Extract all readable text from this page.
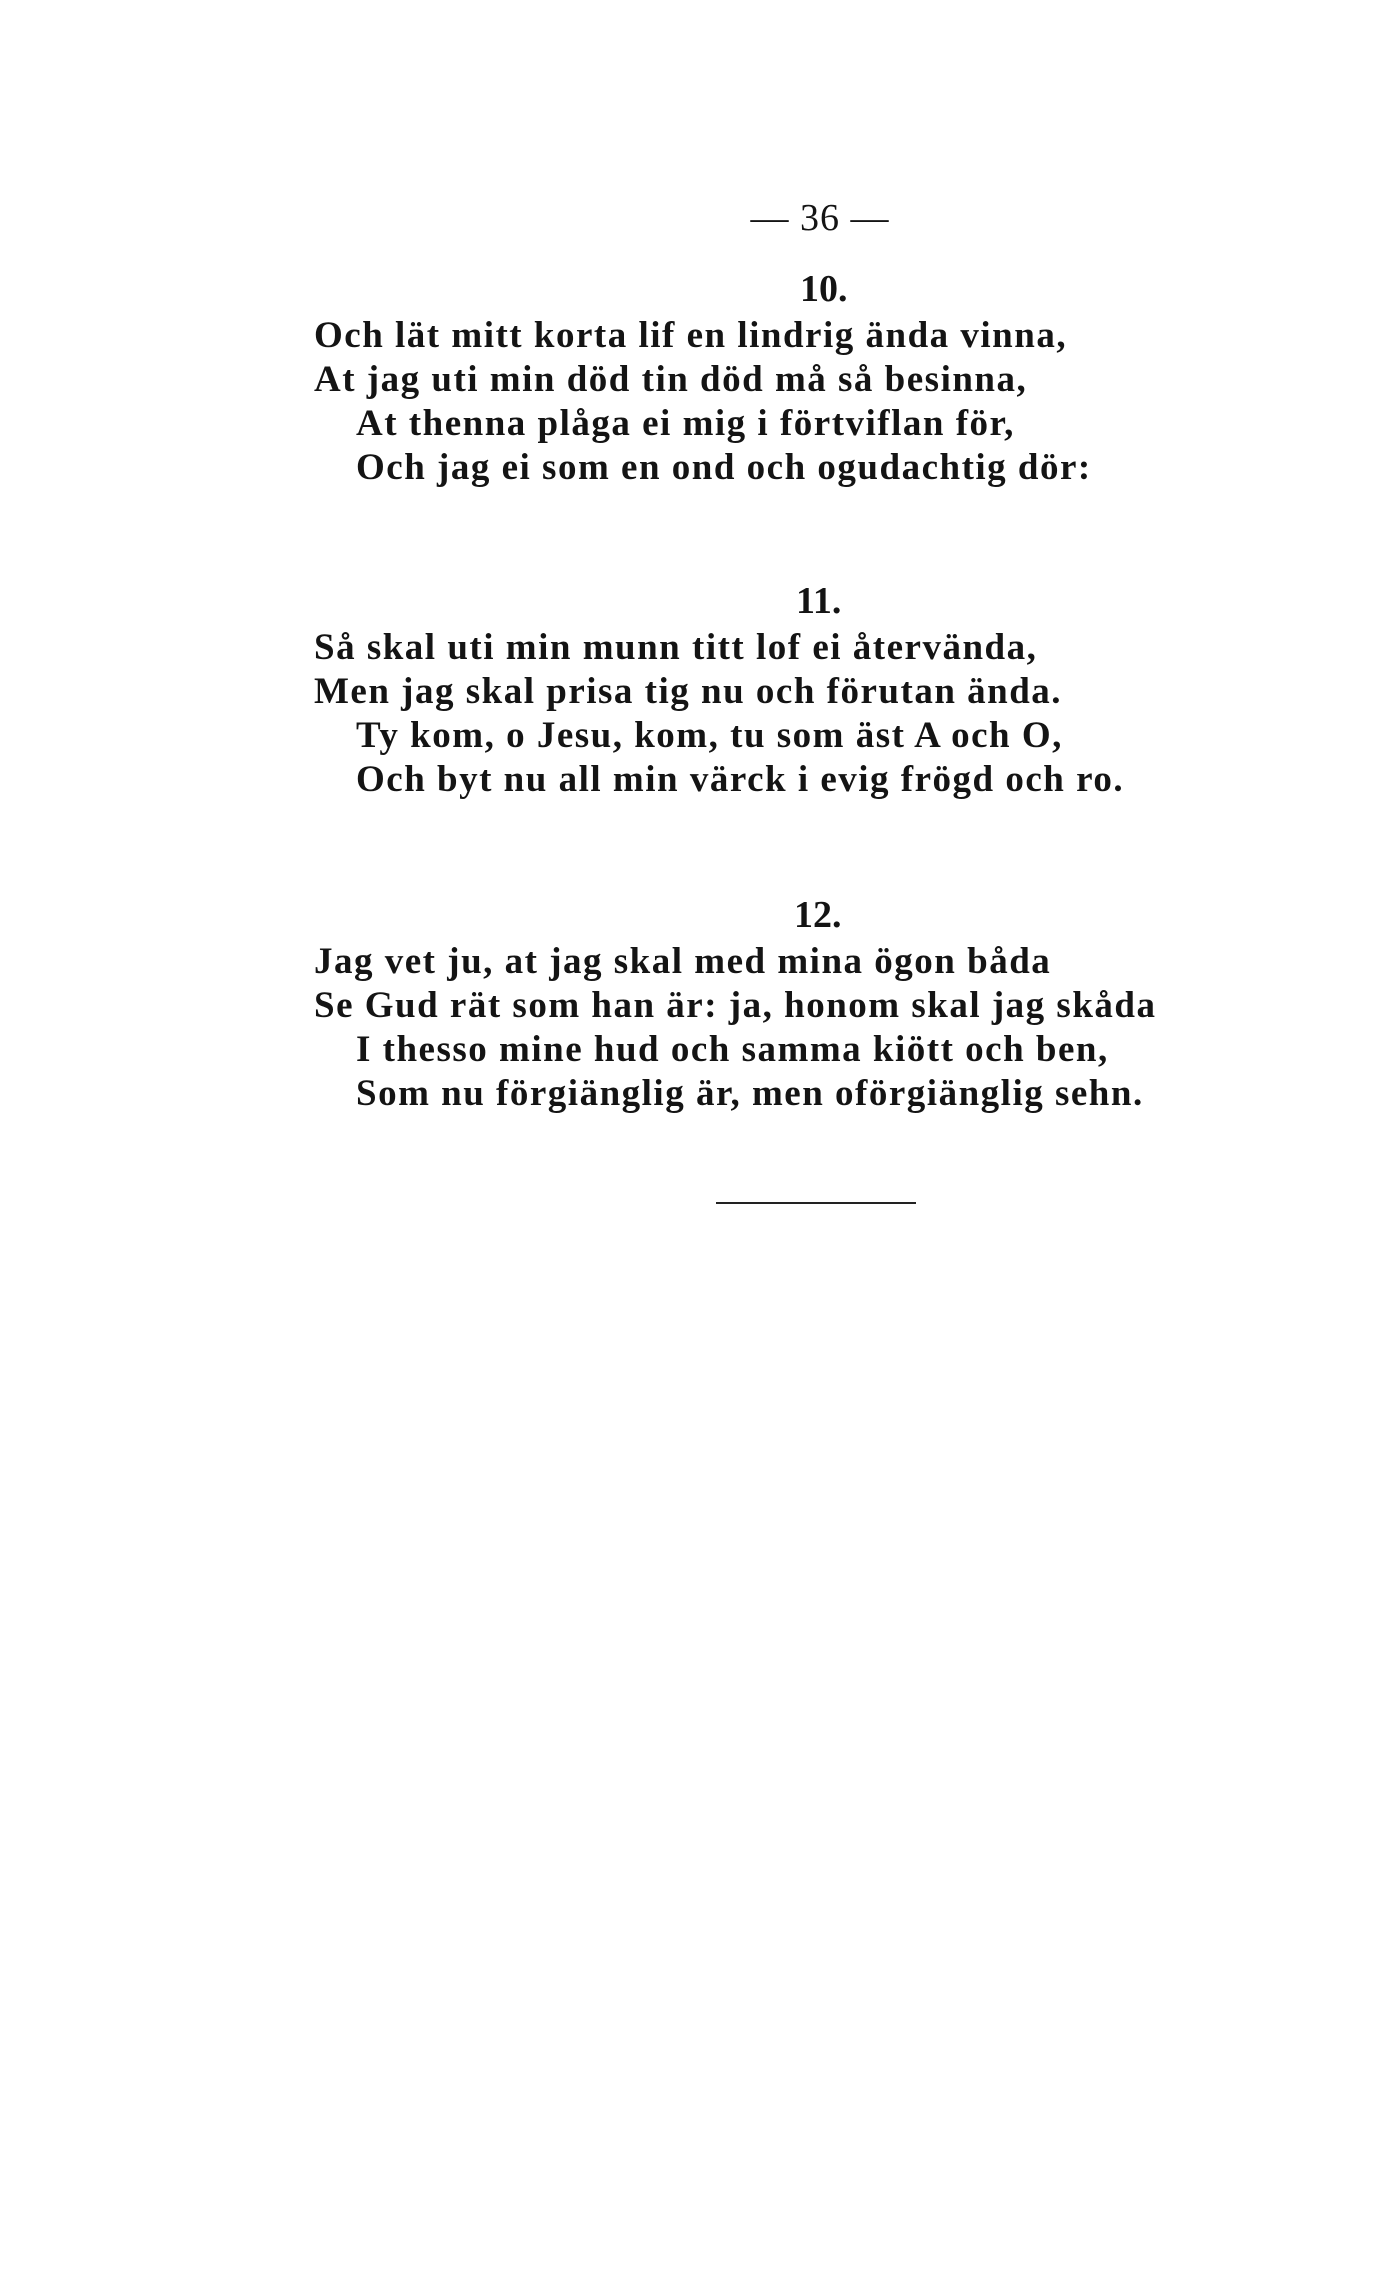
— 36 —
10.
Och lät mitt korta lif en lindrig ända vinna,
At jag uti min död tin död må så besinna,
At thenna plåga ei mig i förtviflan för,
Och jag ei som en ond och ogudachtig dör:
11.
Så skal uti min munn titt lof ei återvända,
Men jag skal prisa tig nu och förutan ända.
Ty kom, o Jesu, kom, tu som äst A och O,
Och byt nu all min värck i evig frögd och ro.
12.
Jag vet ju, at jag skal med mina ögon båda
Se Gud rät som han är: ja, honom skal jag skåda
I thesso mine hud och samma kiött och ben,
Som nu förgiänglig är, men oförgiänglig sehn.
